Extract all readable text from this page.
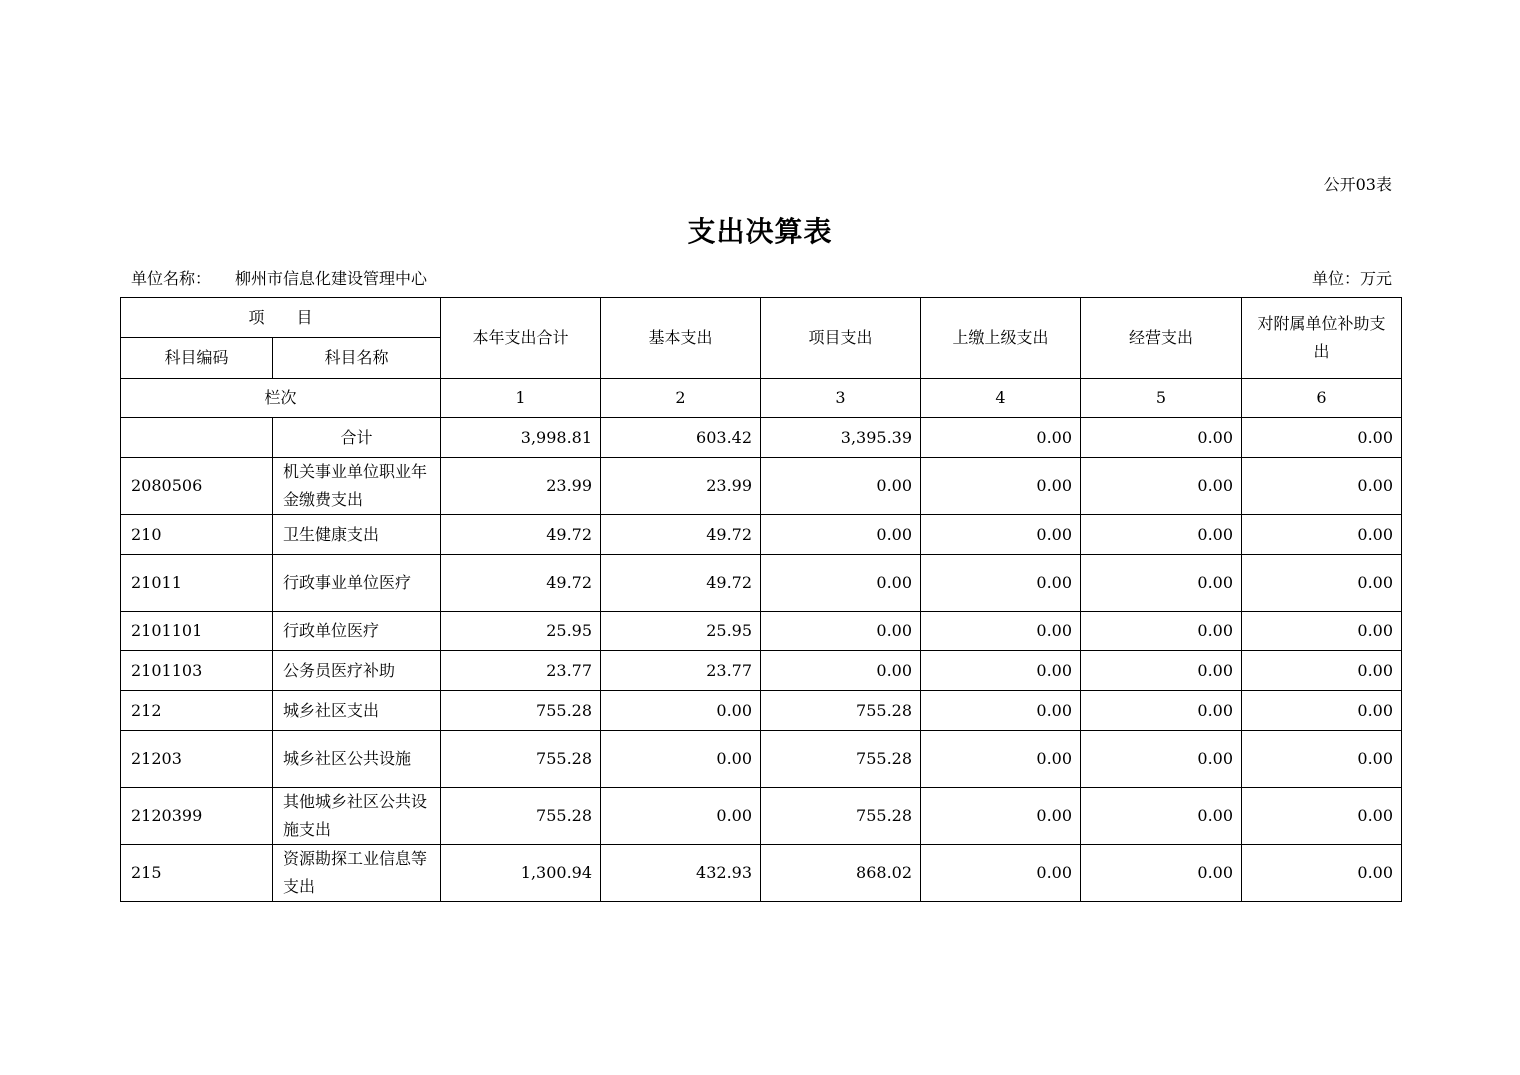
公开03表
支出决算表
单位名称： 柳州市信息化建设管理中心	单位：万元
项　　目		本年支出合计	基本支出	项目支出	上缴上级支出	经营支出	对附属单位补助支出
科目编码	科目名称						
栏次		1	2	3	4	5	6
	合计	3,998.81	603.42	3,395.39	0.00	0.00	0.00
2080506	机关事业单位职业年金缴费支出	23.99	23.99	0.00	0.00	0.00	0.00
210	卫生健康支出	49.72	49.72	0.00	0.00	0.00	0.00
21011	行政事业单位医疗	49.72	49.72	0.00	0.00	0.00	0.00
2101101	行政单位医疗	25.95	25.95	0.00	0.00	0.00	0.00
2101103	公务员医疗补助	23.77	23.77	0.00	0.00	0.00	0.00
212	城乡社区支出	755.28	0.00	755.28	0.00	0.00	0.00
21203	城乡社区公共设施	755.28	0.00	755.28	0.00	0.00	0.00
2120399	其他城乡社区公共设施支出	755.28	0.00	755.28	0.00	0.00	0.00
215	资源勘探工业信息等支出	1,300.94	432.93	868.02	0.00	0.00	0.00
